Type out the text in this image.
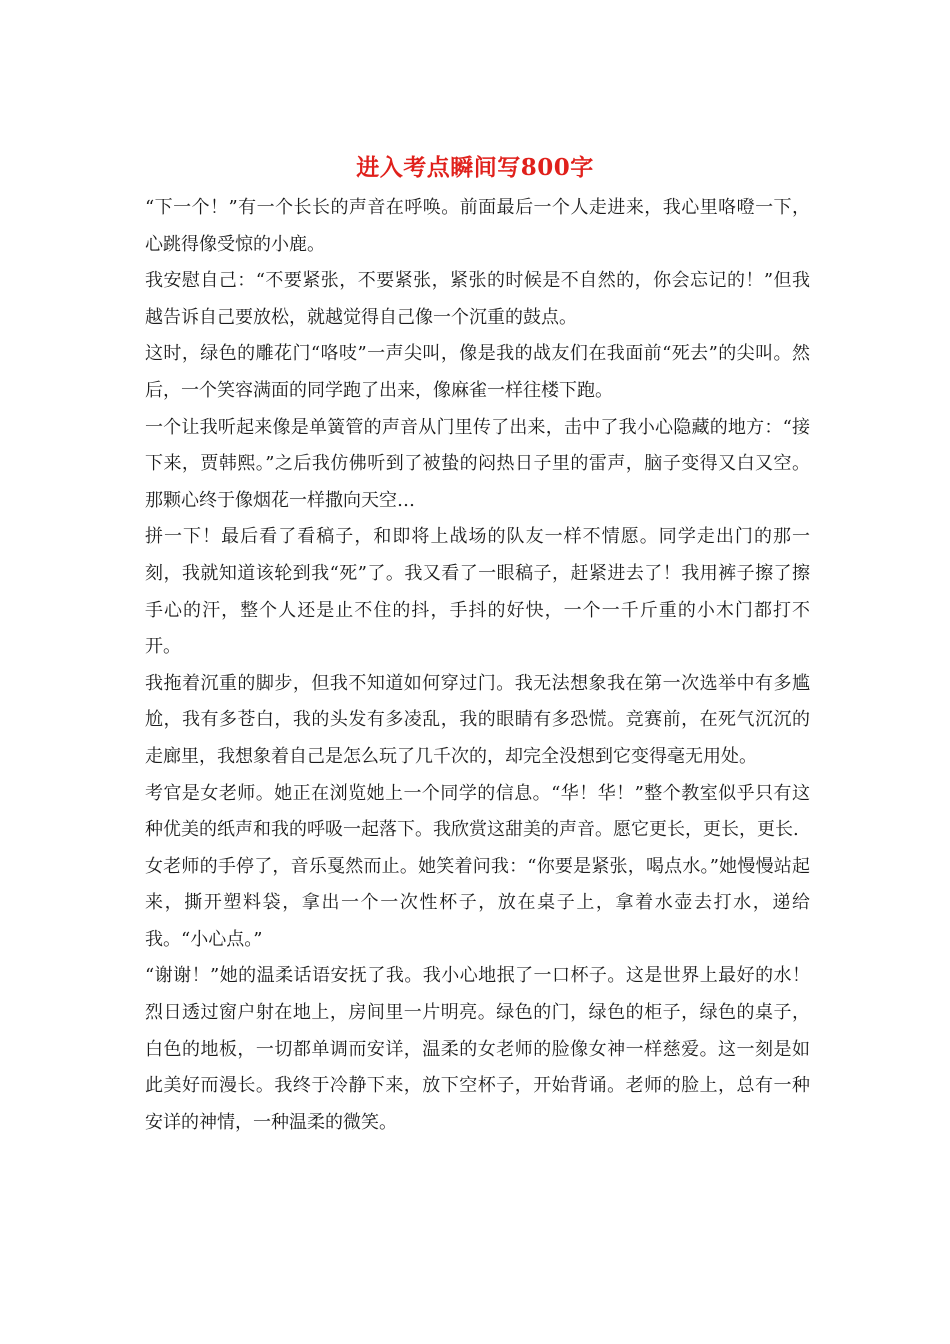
进入考点瞬间写800字

“下一个！”有一个长长的声音在呼唤。前面最后一个人走进来，我心里咯噔一下，心跳得像受惊的小鹿。

我安慰自己：“不要紧张，不要紧张，紧张的时候是不自然的，你会忘记的！”但我越告诉自己要放松，就越觉得自己像一个沉重的鼓点。

这时，绿色的雕花门“咯吱”一声尖叫，像是我的战友们在我面前“死去”的尖叫。然后，一个笑容满面的同学跑了出来，像麻雀一样往楼下跑。

一个让我听起来像是单簧管的声音从门里传了出来，击中了我小心隐藏的地方：“接下来，贾韩熙。”之后我仿佛听到了被蛰的闷热日子里的雷声，脑子变得又白又空。那颗心终于像烟花一样撒向天空…

拼一下！最后看了看稿子，和即将上战场的队友一样不情愿。同学走出门的那一刻，我就知道该轮到我“死”了。我又看了一眼稿子，赶紧进去了！我用裤子擦了擦手心的汗，整个人还是止不住的抖，手抖的好快，一个一千斤重的小木门都打不开。

我拖着沉重的脚步，但我不知道如何穿过门。我无法想象我在第一次选举中有多尴尬，我有多苍白，我的头发有多凌乱，我的眼睛有多恐慌。竞赛前，在死气沉沉的走廊里，我想象着自己是怎么玩了几千次的，却完全没想到它变得毫无用处。

考官是女老师。她正在浏览她上一个同学的信息。“华！华！”整个教室似乎只有这种优美的纸声和我的呼吸一起落下。我欣赏这甜美的声音。愿它更长，更长，更长.

女老师的手停了，音乐戛然而止。她笑着问我：“你要是紧张，喝点水。”她慢慢站起来，撕开塑料袋，拿出一个一次性杯子，放在桌子上，拿着水壶去打水，递给我。“小心点。”

“谢谢！”她的温柔话语安抚了我。我小心地抿了一口杯子。这是世界上最好的水！烈日透过窗户射在地上，房间里一片明亮。绿色的门，绿色的柜子，绿色的桌子，白色的地板，一切都单调而安详，温柔的女老师的脸像女神一样慈爱。这一刻是如此美好而漫长。我终于冷静下来，放下空杯子，开始背诵。老师的脸上，总有一种安详的神情，一种温柔的微笑。
